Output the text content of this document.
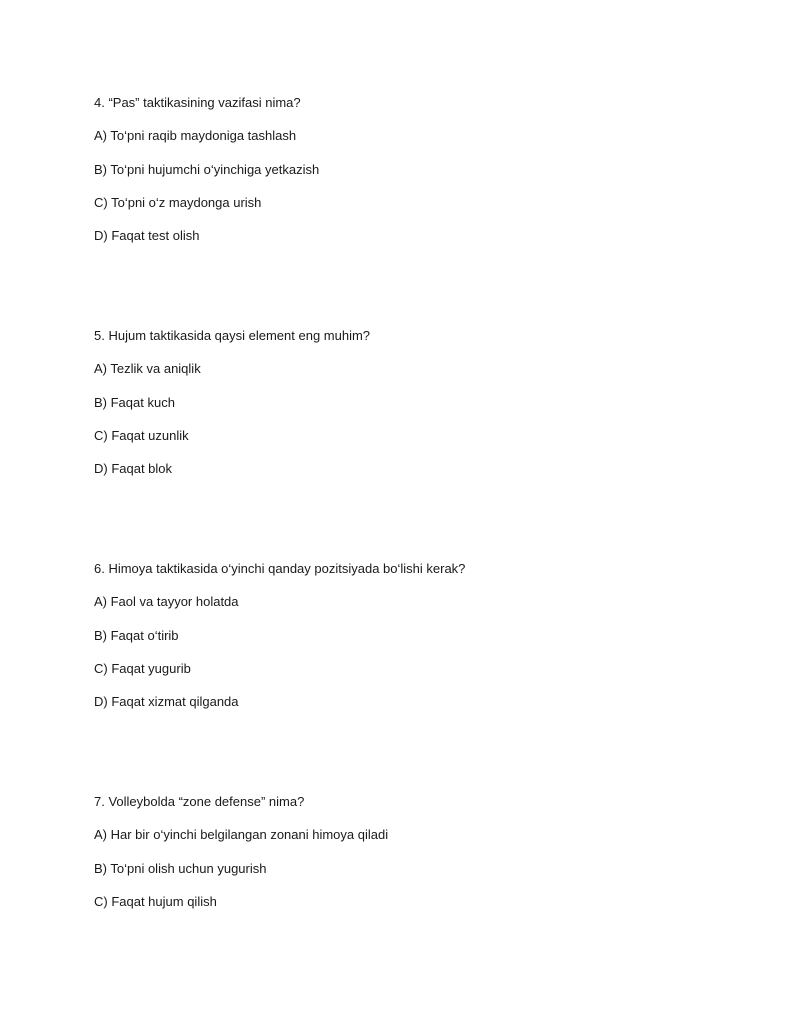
4. “Pas” taktikasining vazifasi nima?

A) To‘pni raqib maydoniga tashlash

B) To‘pni hujumchi o‘yinchiga yetkazish

C) To‘pni o‘z maydonga urish

D) Faqat test olish

5. Hujum taktikasida qaysi element eng muhim?

A) Tezlik va aniqlik

B) Faqat kuch

C) Faqat uzunlik

D) Faqat blok

6. Himoya taktikasida o‘yinchi qanday pozitsiyada bo‘lishi kerak?

A) Faol va tayyor holatda

B) Faqat o‘tirib

C) Faqat yugurib

D) Faqat xizmat qilganda

7. Volleybolda “zone defense” nima?

A) Har bir o‘yinchi belgilangan zonani himoya qiladi

B) To‘pni olish uchun yugurish

C) Faqat hujum qilish
